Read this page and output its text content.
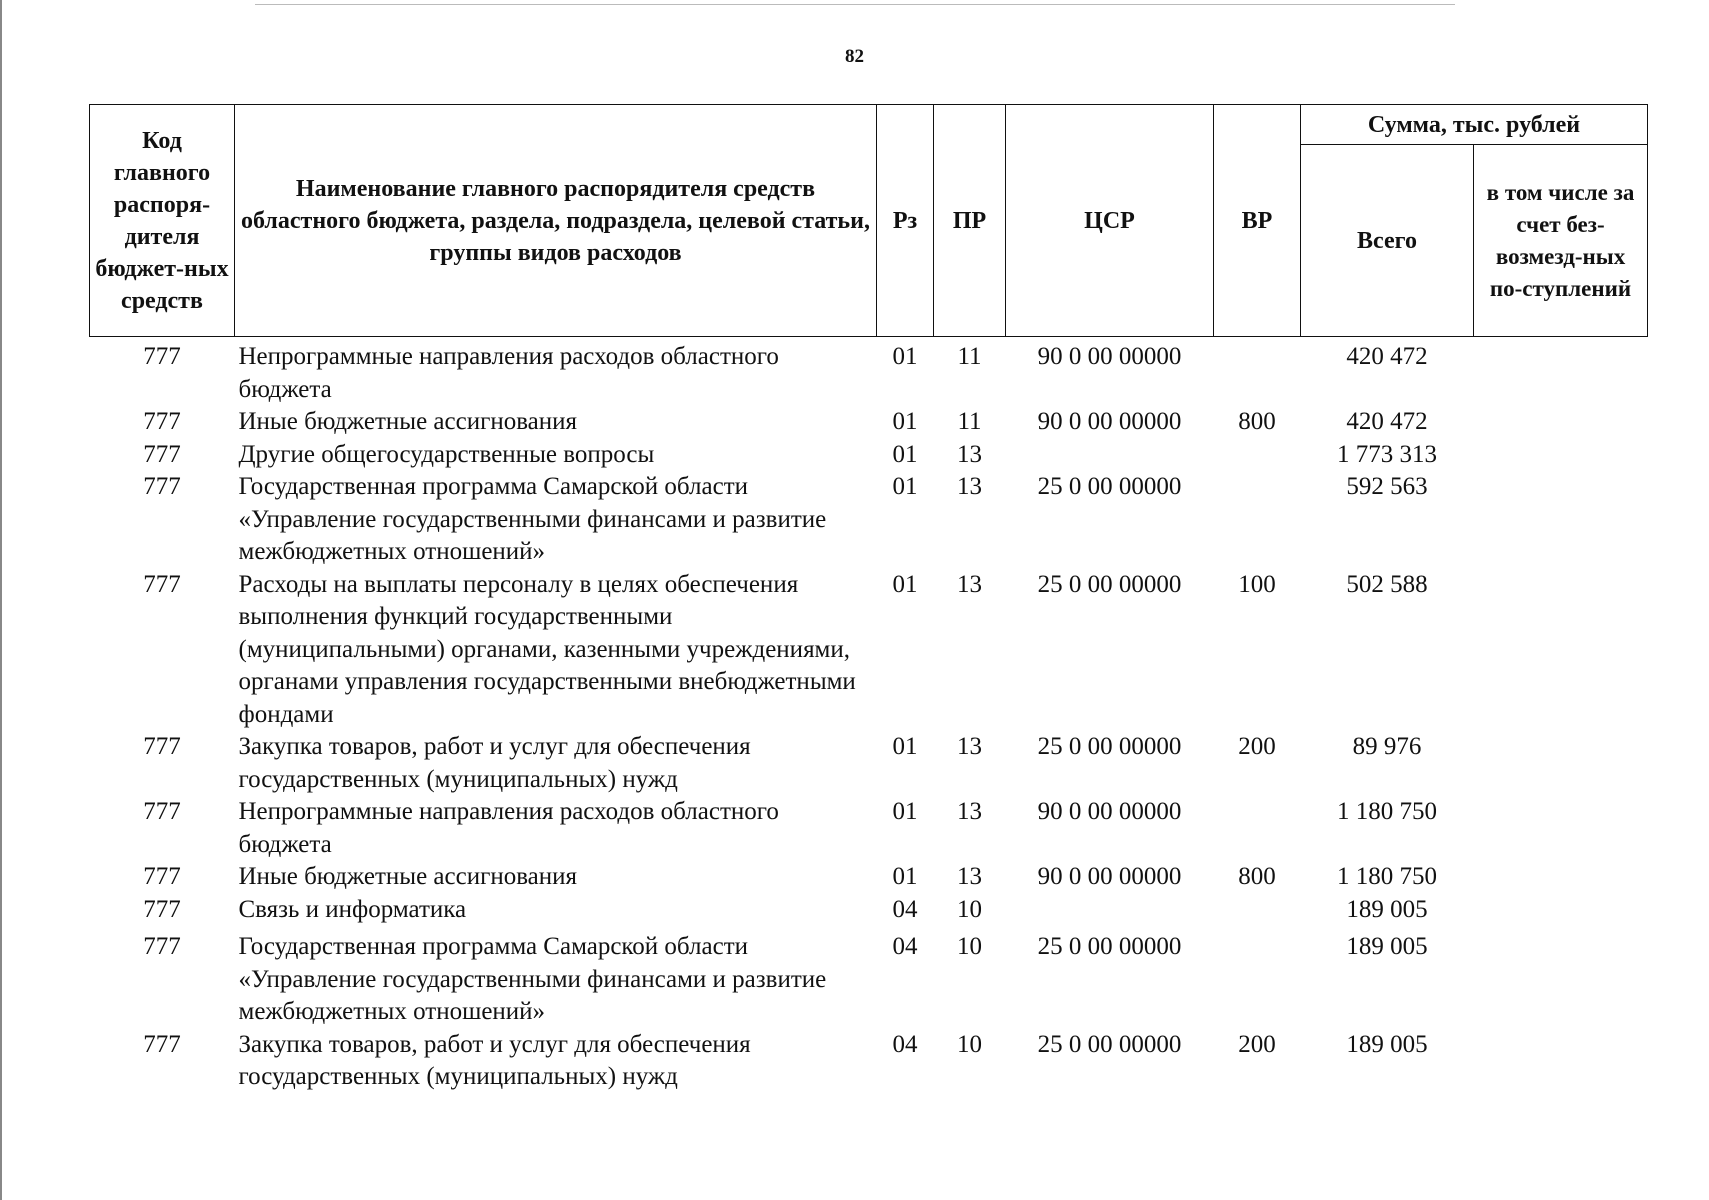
82
Код главного распоря-дителя бюджет-ных средств	Наименование главного распорядителя средств областного бюджета, раздела, подраздела, целевой статьи, группы видов расходов	Рз	ПР	ЦСР	ВР	Сумма, тыс. рублей	
						Всего	в том числе за счет без-возмезд-ных по-ступлений
777	Непрограммные направления расходов областного бюджета	01	11	90 0 00 00000		420 472	
777	Иные бюджетные ассигнования	01	11	90 0 00 00000	800	420 472	
777	Другие общегосударственные вопросы	01	13			1 773 313	
777	Государственная программа Самарской области «Управление государственными финансами и развитие межбюджетных отношений»	01	13	25 0 00 00000		592 563	
777	Расходы на выплаты персоналу в целях обеспечения выполнения функций государственными (муниципальными) органами, казенными учреждениями, органами управления государственными внебюджетными фондами	01	13	25 0 00 00000	100	502 588	
777	Закупка товаров, работ и услуг для обеспечения государственных (муниципальных) нужд	01	13	25 0 00 00000	200	89 976	
777	Непрограммные направления расходов областного бюджета	01	13	90 0 00 00000		1 180 750	
777	Иные бюджетные ассигнования	01	13	90 0 00 00000	800	1 180 750	
777	Связь и информатика	04	10			189 005	
777	Государственная программа Самарской области «Управление государственными финансами и развитие межбюджетных отношений»	04	10	25 0 00 00000		189 005	
777	Закупка товаров, работ и услуг для обеспечения государственных (муниципальных) нужд	04	10	25 0 00 00000	200	189 005	
